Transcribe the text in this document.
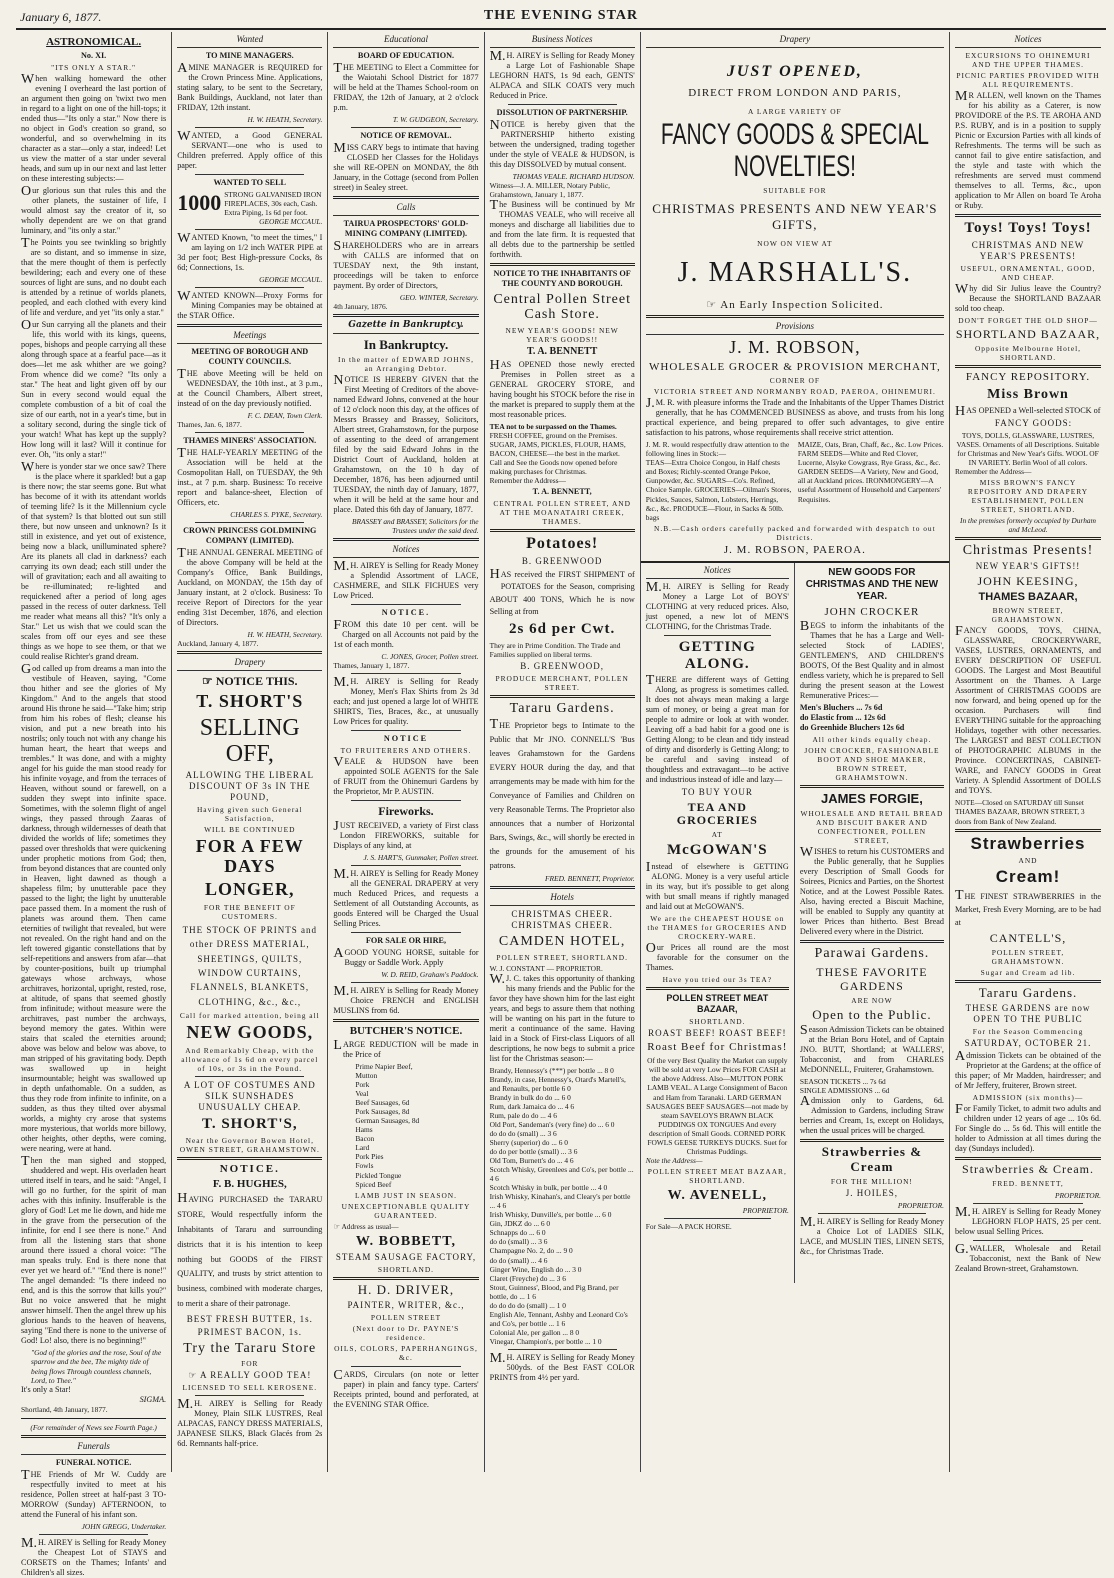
January 6, 1877.	THE EVENING STAR
ASTRONOMICAL.
No. XI.
"ITS ONLY A STAR."

When walking homeward the other evening I overheard the last portion of an argument then going on 'twixt two men in regard to a light on one of the hill-tops; it ended thus—"Its only a star." Now there is no object in God's creation so grand, so wonderful, and so overwhelming in its character as a star—only a star, indeed! Let us view the matter of a star under several heads, and sum up in our next and last letter on these interesting subjects:—

Our glorious sun that rules this and the other planets, the sustainer of life, I would almost say the creator of it, so wholly dependent are we on that grand luminary, and "its only a star."

The Points you see twinkling so brightly are so distant, and so immense in size, that the mere thought of them is perfectly bewildering; each and every one of these sources of light are suns, and no doubt each is attended by a retinue of worlds planets, peopled, and each clothed with every kind of life and verdure, and yet "its only a star."

Our Sun carrying all the planets and their life, this world with its kings, queens, popes, bishops and people carrying all these along through space at a fearful pace—as it does—let me ask whither are we going? From whence did we come? "Its only a star." The heat and light given off by our Sun in every second would equal the complete combustion of a bit of coal the size of our earth, not in a year's time, but in a solitary second, during the single tick of your watch! What has kept up the supply? How long will it last? Will it continue for ever. Oh, "its only a star!"

Where is yonder star we once saw? There is the place where it sparkled! but a gap is there now; the star seems gone. But what has become of it with its attendant worlds of teeming life? Is it the Millennium cycle of that system? Is that blotted out sun still there, but now unseen and unknown? Is it still in existence, and yet out of existence, being now a black, unilluminated sphere? Are its planets all clad in darkness? each carrying its own dead; each still under the will of gravitation; each and all awaiting to be re-illuminated; re-lighted and requickened after a period of long ages passed in the recess of outer darkness. Tell me reader what means all this? "It's only a Star." Let us wish that we could scan the scales from off our eyes and see these things as we hope to see them, or that we could realise Richter's grand dream.

God called up from dreams a man into the vestibule of Heaven, saying, "Come thou hither and see the glories of My Kingdom." And to the angels that stood around His throne he said—"Take him; strip from him his robes of flesh; cleanse his vision, and put a new breath into his nostrils; only touch not with any change his human heart, the heart that weeps and trembles." It was done, and with a mighty angel for his guide the man stood ready for his infinite voyage, and from the terraces of Heaven, without sound or farewell, on a sudden they swept into infinite space. Sometimes, with the solemn flight of angel wings, they passed through Zaaras of darkness, through wildernesses of death that divided the worlds of life; sometimes they passed over thresholds that were quickening under prophetic motions from God; then, from beyond distances that are counted only in Heaven, light dawned as though a shapeless film; by unutterable pace they passed to the light; the light by unutterable pace passed them. In a moment the rush of planets was around them. Then came eternities of twilight that revealed, but were not revealed. On the right hand and on the left towered gigantic constellations that by self-repetitions and answers from afar—that by counter-positions, built up triumphal gateways whose archways, whose architraves, horizontal, upright, rested, rose, at altitude, of spans that seemed ghostly from infinitude; without measure were the architraves, past number the archways, beyond memory the gates. Within were stairs that scaled the eternities around; above was below and below was above, to man stripped of his gravitating body. Depth was swallowed up in height insurmountable; height was swallowed up in depth unfathomable. On a sudden, as thus they rode from infinite to infinite, on a sudden, as thus they tilted over abysmal worlds, a mighty cry arose that systems more mysterious, that worlds more billowy, other heights, other depths, were coming, were nearing, were at hand.

Then the man sighed and stopped, shuddered and wept. His overladen heart uttered itself in tears, and he said: "Angel, I will go no further, for the spirit of man aches with this infinity. Insufferable is the glory of God! Let me lie down, and hide me in the grave from the persecution of the infinite, for end I see there is none." And from all the listening stars that shone around there issued a choral voice: "The man speaks truly. End is there none that ever yet we heard of." "End there is none!" The angel demanded: "Is there indeed no end, and is this the sorrow that kills you?" But no voice answered that he might answer himself. Then the angel threw up his glorious hands to the heaven of heavens, saying "End there is none to the universe of God! Lo! also, there is no beginning!"

"God of the glories and the rose, Soul of the sparrow and the bee, The mighty tide of being flows Through countless channels, Lord, to Thee."
It's only a Star!
SIGMA.
Shortland, 4th January, 1877.
(For remainder of News see Fourth Page.)
Funerals
FUNERAL NOTICE.

THE Friends of Mr W. Cuddy are respectfully invited to meet at his residence, Pollen street at half-past 3 TO-MORROW (Sunday) AFTERNOON, to attend the Funeral of his infant son.

JOHN GREGG, Undertaker.

M.H. AIREY is Selling for Ready Money the Cheapest Lot of STAYS and CORSETS on the Thames; Infants' and Children's all sizes.

Wanted
TO MINE MANAGERS.

AMINE MANAGER is REQUIRED for the Crown Princess Mine. Applications, stating salary, to be sent to the Secretary, Bank Buildings, Auckland, not later than FRIDAY, 12th instant.

H. W. HEATH, Secretary.

WANTED, a Good GENERAL SERVANT—one who is used to Children preferred. Apply office of this paper.

WANTED TO SELL
1000 STRONG GALVANISED IRON FIREPLACES, 30s each, Cash. Extra Piping, 1s 6d per foot.
GEORGE MCCAUL.

WANTED Known, "to meet the times," I am laying on 1/2 inch WATER PIPE at 3d per foot; Best High-pressure Cocks, 8s 6d; Connections, 1s.

GEORGE MCCAUL.

WANTED KNOWN—Proxy Forms for Mining Companies may be obtained at the STAR Office.

Meetings
MEETING OF BOROUGH AND COUNTY COUNCILS.

THE above Meeting will be held on WEDNESDAY, the 10th inst., at 3 p.m., at the Council Chambers, Albert street, instead of on the day previously notified.

F. C. DEAN, Town Clerk.
Thames, Jan. 6, 1877.
THAMES MINERS' ASSOCIATION.

THE HALF-YEARLY MEETING of the Association will be held at the Cosmopolitan Hall, on TUESDAY, the 9th inst., at 7 p.m. sharp. Business: To receive report and balance-sheet, Election of Officers, etc.

CHARLES S. PYKE, Secretary.
CROWN PRINCESS GOLDMINING COMPANY (LIMITED).

THE ANNUAL GENERAL MEETING of the above Company will be held at the Company's Office, Bank Buildings, Auckland, on MONDAY, the 15th day of January instant, at 2 o'clock. Business: To receive Report of Directors for the year ending 31st December, 1876, and election of Directors.

H. W. HEATH, Secretary.
Auckland, January 4, 1877.
Drapery
☞ NOTICE THIS.
T. SHORT'S
SELLING OFF,
ALLOWING THE LIBERAL DISCOUNT OF 3s IN THE POUND,
Having given such General Satisfaction,
WILL BE CONTINUED
FOR A FEW DAYS
LONGER,
FOR THE BENEFIT OF CUSTOMERS.
THE STOCK OF PRINTS and other DRESS MATERIAL, SHEETINGS, QUILTS, WINDOW CURTAINS, FLANNELS, BLANKETS, CLOTHING, &c., &c.,
Call for marked attention, being all
NEW GOODS,
And Remarkably Cheap, with the allowance of 1s 6d on every parcel of 10s, or 3s in the Pound.
A LOT OF COSTUMES AND SILK SUNSHADES UNUSUALLY CHEAP.
T. SHORT'S,
Near the Governor Bowen Hotel, OWEN STREET, GRAHAMSTOWN.
NOTICE.
F. B. HUGHES,

HAVING PURCHASED the TARARU STORE, Would respectfully inform the Inhabitants of Tararu and surrounding districts that it is his intention to keep nothing but GOODS of the FIRST QUALITY, and trusts by strict attention to business, combined with moderate charges, to merit a share of their patronage.

BEST FRESH BUTTER, 1s.
PRIMEST BACON, 1s.
Try the Tararu Store
FOR
☞ A REALLY GOOD TEA!
LICENSED TO SELL KEROSENE.

M.H. AIREY is Selling for Ready Money, Plain SILK LUSTRES, Real ALPACAS, FANCY DRESS MATERIALS, JAPANESE SILKS, Black Glacés from 2s 6d. Remnants half-price.

Educational
BOARD OF EDUCATION.

THE MEETING to Elect a Committee for the Waiotahi School District for 1877 will be held at the Thames School-room on FRIDAY, the 12th of January, at 2 o'clock p.m.

T. W. GUDGEON, Secretary.
NOTICE OF REMOVAL.

MISS CARY begs to intimate that having CLOSED her Classes for the Holidays she will RE-OPEN on MONDAY, the 8th January, in the Cottage (second from Pollen street) in Sealey street.

Calls
TAIRUA PROSPECTORS' GOLD-MINING COMPANY (LIMITED).

SHAREHOLDERS who are in arrears with CALLS are informed that on TUESDAY next, the 9th instant, proceedings will be taken to enforce payment. By order of Directors,

GEO. WINTER, Secretary.
4th January, 1876.
Gazette in Bankruptcy.
In Bankruptcy.
In the matter of EDWARD JOHNS, an Arranging Debtor.

NOTICE IS HEREBY GIVEN that the First Meeting of Creditors of the above-named Edward Johns, convened at the hour of 12 o'clock noon this day, at the offices of Messrs Brassey and Brassey, Solicitors, Albert street, Grahamstown, for the purpose of assenting to the deed of arrangement filed by the said Edward Johns in the District Court of Auckland, holden at Grahamstown, on the 10 h day of December, 1876, has been adjourned until TUESDAY, the ninth day of January, 1877, when it will be held at the same hour and place. Dated this 6th day of January, 1877.

BRASSEY and BRASSEY, Solicitors for the Trustees under the said deed.
Notices

M.H. AIREY is Selling for Ready Money a Splendid Assortment of LACE, CASHMERE, and SILK FICHUES very Low Priced.

NOTICE.

FROM this date 10 per cent. will be Charged on all Accounts not paid by the 1st of each month.

C. JONES, Grocer, Pollen street.
Thames, January 1, 1877.

M.H. AIREY is Selling for Ready Money, Men's Flax Shirts from 2s 3d each; and just opened a large lot of WHITE SHIRTS, Ties, Braces, &c., at unusually Low Prices for quality.

NOTICE
TO FRUITERERS AND OTHERS.

VEALE & HUDSON have been appointed SOLE AGENTS for the Sale of FRUIT from the Ohinemuri Gardens by the Proprietor, Mr P. AUSTIN.

Fireworks.

JUST RECEIVED, a variety of First class London FIREWORKS, suitable for Displays of any kind, at

J. S. HART'S, Gunmaker, Pollen street.

M.H. AIREY is Selling for Ready Money all the GENERAL DRAPERY at very much Reduced Prices, and requests a Settlement of all Outstanding Accounts, as goods Entered will be Charged the Usual Selling Prices.

FOR SALE OR HIRE,

AGOOD YOUNG HORSE, suitable for Buggy or Saddle Work. Apply

W. D. REID, Graham's Paddock.

M.H. AIREY is Selling for Ready Money Choice FRENCH and ENGLISH MUSLINS from 6d.

BUTCHER'S NOTICE.

LARGE REDUCTION will be made in the Price of

Prime Napier Beef,
Mutton
Pork
Veal
Beef Sausages, 6d
Pork Sausages, 8d
German Sausages, 8d
Hams
Bacon
Lard
Pork Pies
Fowls
Pickled Tongue
Spiced Beef
LAMB JUST IN SEASON.
UNEXCEPTIONABLE QUALITY GUARANTEED.
☞ Address as usual—
W. BOBBETT,
STEAM SAUSAGE FACTORY,
SHORTLAND.
H. D. DRIVER,
PAINTER, WRITER, &c.,
POLLEN STREET
(Next door to Dr. PAYNE'S residence.
OILS, COLORS, PAPERHANGINGS, &c.

CARDS, Circulars (on note or letter paper) in plain and fancy type. Carters' Receipts printed, bound and perforated, at the EVENING STAR Office.

Business Notices

M.H. AIREY is Selling for Ready Money a Large Lot of Fashionable Shape LEGHORN HATS, 1s 9d each, GENTS' ALPACA and SILK COATS very much Reduced in Price.

DISSOLUTION OF PARTNERSHIP.

NOTICE is hereby given that the PARTNERSHIP hitherto existing between the undersigned, trading together under the style of VEALE & HUDSON, is this day DISSOLVED by mutual consent.

THOMAS VEALE. RICHARD HUDSON.
Witness—J. A. MILLER, Notary Public, Grahamstown, January 1, 1877.

The Business will be continued by Mr THOMAS VEALE, who will receive all moneys and discharge all liabilities due to and from the late firm. It is requested that all debts due to the partnership be settled forthwith.

NOTICE TO THE INHABITANTS OF THE COUNTY AND BOROUGH.
Central Pollen Street Cash Store.
NEW YEAR'S GOODS! NEW YEAR'S GOODS!!
T. A. BENNETT

HAS OPENED those newly erected Premises in Pollen street as a GENERAL GROCERY STORE, and having bought his STOCK before the rise in the market is prepared to supply them at the most reasonable prices.

TEA not to be surpassed on the Thames.
FRESH COFFEE, ground on the Premises.
SUGAR, JAMS, PICKLES, FLOUR, HAMS, BACON, CHEESE—the best in the market.
Call and See the Goods now opened before making purchases for Christmas.
Remember the Address—
T. A. BENNETT,
CENTRAL POLLEN STREET, AND AT THE MOANATAIRI CREEK, THAMES.
Potatoes!
B. GREENWOOD

HAS received the FIRST SHIPMENT of POTATOES for the Season, comprising ABOUT 400 TONS, Which he is now Selling at from

2s 6d per Cwt.
They are in Prime Condition. The Trade and Families supplied on liberal terms.
B. GREENWOOD,
PRODUCE MERCHANT, POLLEN STREET.
Tararu Gardens.

THE Proprietor begs to Intimate to the Public that Mr JNO. CONNELL'S 'Bus leaves Grahamstown for the Gardens EVERY HOUR during the day, and that arrangements may be made with him for the Conveyance of Families and Children on very Reasonable Terms. The Proprietor also announces that a number of Horizontal Bars, Swings, &c., will shortly be erected in the grounds for the amusement of his patrons.

FRED. BENNETT, Proprietor.
Hotels
CHRISTMAS CHEER. CHRISTMAS CHEER.
CAMDEN HOTEL,
POLLEN STREET, SHORTLAND.
W. J. CONSTANT — PROPRIETOR.

W.J. C. takes this opportunity of thanking his many friends and the Public for the favor they have shown him for the last eight years, and begs to assure them that nothing will be wanting on his part in the future to merit a continuance of the same. Having laid in a Stock of First-class Liquors of all descriptions, he now begs to submit a price list for the Christmas season:—

Brandy, Hennessy's (***) per bottle ... 8 0
Brandy, in case, Hennessy's, Otard's Martell's, and Renaults, per bottle 6 0
Brandy in bulk do do ... 6 0
Rum, dark Jamaica do ... 4 6
Rum, pale do do ... 4 6
Old Port, Sandeman's (very fine) do ... 6 0
do do do (small) ... 3 6
Sherry (superior) do ... 6 0
do do per bottle (small) ... 3 6
Old Tom, Burnett's do ... 4 6
Scotch Whisky, Greenlees and Co's, per bottle ... 4 6
Scotch Whisky in bulk, per bottle ... 4 0
Irish Whisky, Kinahan's, and Cleary's per bottle ... 4 6
Irish Whisky, Dunville's, per bottle ... 6 0
Gin, JDKZ do ... 6 0
Schnapps do ... 6 0
do do (small) ... 3 6
Champagne No. 2, do ... 9 0
do do (small) ... 4 6
Ginger Wine, English do ... 3 0
Claret (Freyche) do ... 3 6
Stout, Guinness', Blood, and Pig Brand, per bottle, do ... 1 6
do do do do (small) ... 1 0
English Ale, Tennant, Ashby and Leonard Co's and Co's, per bottle ... 1 6
Colonial Ale, per gallon ... 8 0
Vinegar, Champion's, per bottle ... 1 0

M.H. AIREY is Selling for Ready Money 500yds. of the Best FAST COLOR PRINTS from 4½ per yard.

Drapery
JUST OPENED,
DIRECT FROM LONDON AND PARIS,
A LARGE VARIETY OF
FANCY GOODS & SPECIAL NOVELTIES!
SUITABLE FOR
CHRISTMAS PRESENTS AND NEW YEAR'S GIFTS,
NOW ON VIEW AT
J. MARSHALL'S.
☞ An Early Inspection Solicited.
Provisions
J. M. ROBSON,
WHOLESALE GROCER & PROVISION MERCHANT,
CORNER OF
VICTORIA STREET AND NORMANBY ROAD, PAEROA, OHINEMURI.

J.M. R. with pleasure informs the Trade and the Inhabitants of the Upper Thames District generally, that he has COMMENCED BUSINESS as above, and trusts from his long practical experience, and being prepared to offer such advantages, to give entire satisfaction to his patrons, whose requirements shall receive strict attention.

J. M. R. would respectfully draw attention to the following lines in Stock:—
TEAS—Extra Choice Congou, in Half chests and Boxes; Richly-scented Orange Pekoe, Gunpowder, &c. SUGARS—Co's. Refined, Choice Sample. GROCERIES—Oilman's Stores, Pickles, Sauces, Salmon, Lobsters, Herrings, &c., &c. PRODUCE—Flour, in Sacks & 50lb. bags
MAIZE, Oats, Bran, Chaff, &c., &c. Low Prices. FARM SEEDS—White and Red Clover, Lucerne, Alsyke Cowgrass, Rye Grass, &c., &c. GARDEN SEEDS—A Variety, New and Good, all at Auckland prices. IRONMONGERY—A useful Assortment of Household and Carpenters' Requisites.
N.B.—Cash orders carefully packed and forwarded with despatch to out Districts.
J. M. ROBSON, PAEROA.
Notices

M.H. AIREY is Selling for Ready Money a Large Lot of BOYS' CLOTHING at very reduced prices. Also, just opened, a new lot of MEN'S CLOTHING, for the Christmas Trade.

GETTING ALONG.

THERE are different ways of Getting Along, as progress is sometimes called. It does not always mean making a large sum of money, or being a great man for people to admire or look at with wonder. Leaving off a bad habit for a good one is Getting Along; to be clean and tidy instead of dirty and disorderly is Getting Along; to be careful and saving instead of thoughtless and extravagant—to be active and industrious instead of idle and lazy—

TO BUY YOUR
TEA AND GROCERIES
AT
McGOWAN'S

Instead of elsewhere is GETTING ALONG. Money is a very useful article in its way, but it's possible to get along with but small means if rightly managed and laid out at McGOWAN'S.

We are the CHEAPEST HOUSE on the THAMES for GROCERIES AND CROCKERY-WARE.

Our Prices all round are the most favorable for the consumer on the Thames.

Have you tried our 3s TEA?
POLLEN STREET MEAT BAZAAR,
SHORTLAND.
ROAST BEEF! ROAST BEEF!
Roast Beef for Christmas!
Of the very Best Quality the Market can supply will be sold at very Low Prices FOR CASH at the above Address. Also—MUTTON PORK LAMB VEAL. A Large Consignment of Bacon and Ham from Taranaki. LARD GERMAN SAUSAGES BEEF SAUSAGES—not made by steam SAVELOYS BRAWN BLACK PUDDINGS OX TONGUES And every description of Small Goods. CORNED PORK FOWLS GEESE TURKEYS DUCKS. Suet for Christmas Puddings.
Note the Address—
POLLEN STREET MEAT BAZAAR, SHORTLAND.
W. AVENELL,
PROPRIETOR.
For Sale—A PACK HORSE.
NEW GOODS FOR CHRISTMAS AND THE NEW YEAR.
JOHN CROCKER

BEGS to inform the inhabitants of the Thames that he has a Large and Well-selected Stock of LADIES', GENTLEMEN'S, AND CHILDREN'S BOOTS, Of the Best Quality and in almost endless variety, which he is prepared to Sell during the present season at the Lowest Remunerative Prices:—

Men's Bluchers ... 7s 6d
do Elastic from ... 12s 6d
do Greenhide Bluchers 12s 6d
All other kinds equally cheap.
JOHN CROCKER, FASHIONABLE BOOT AND SHOE MAKER, BROWN STREET, GRAHAMSTOWN.
JAMES FORGIE,
WHOLESALE AND RETAIL BREAD AND BISCUIT BAKER AND CONFECTIONER, POLLEN STREET,

WISHES to return his CUSTOMERS and the Public generally, that he Supplies every Description of Small Goods for Soirees, Picnics and Parties, on the Shortest Notice, and at the Lowest Possible Rates. Also, having erected a Biscuit Machine, will be enabled to Supply any quantity at lower Prices than hitherto. Best Bread Delivered every where in the District.

Parawai Gardens.
THESE FAVORITE GARDENS
ARE NOW
Open to the Public.

Season Admission Tickets can be obtained at the Brian Boru Hotel, and of Captain JNO. BUTT, Shortland; at WALLERS', Tobacconist, and from CHARLES McDONNELL, Fruiterer, Grahamstown.

SEASON TICKETS ... 7s 6d
SINGLE ADMISSIONS ... 6d

Admission only to Gardens, 6d. Admission to Gardens, including Straw berries and Cream, 1s, except on Holidays, when the usual prices will be charged.

Strawberries & Cream
FOR THE MILLION!
J. HOILES,
PROPRIETOR.

M.H. AIREY is Selling for Ready Money a Choice Lot of LADIES SILK, LACE, and MUSLIN TIES, LINEN SETS, &c., for Christmas Trade.

Notices
EXCURSIONS TO OHINEMURI AND THE UPPER THAMES.
PICNIC PARTIES PROVIDED WITH ALL REQUIREMENTS.

MR ALLEN, well known on the Thames for his ability as a Caterer, is now PROVIDORE of the P.S. TE AROHA AND P.S. RUBY, and is in a position to supply Picnic or Excursion Parties with all kinds of Refreshments. The terms will be such as cannot fail to give entire satisfaction, and the style and taste with which the refreshments are served must commend themselves to all. Terms, &c., upon application to Mr Allen on board Te Aroha or Ruby.

Toys! Toys! Toys!
CHRISTMAS AND NEW YEAR'S PRESENTS!
USEFUL, ORNAMENTAL, GOOD, AND CHEAP.

Why did Sir Julius leave the Country? Because the SHORTLAND BAZAAR sold too cheap.

DON'T FORGET THE OLD SHOP—
SHORTLAND BAZAAR,
Opposite Melbourne Hotel, SHORTLAND.
FANCY REPOSITORY.
Miss Brown

HAS OPENED a Well-selected STOCK of

FANCY GOODS:
TOYS, DOLLS, GLASSWARE, LUSTRES, VASES. Ornaments of all Descriptions. Suitable for Christmas and New Year's Gifts. WOOL OF IN VARIETY. Berlin Wool of all colors.
Remember the Address—
MISS BROWN'S FANCY REPOSITORY AND DRAPERY ESTABLISHMENT, POLLEN STREET, SHORTLAND.
In the premises formerly occupied by Durham and McLeod.
Christmas Presents!
NEW YEAR'S GIFTS!!
JOHN KEESING,
THAMES BAZAAR,
BROWN STREET, GRAHAMSTOWN.

FANCY GOODS, TOYS, CHINA, GLASSWARE, CROCKERYWARE, VASES, LUSTRES, ORNAMENTS, and EVERY DESCRIPTION OF USEFUL GOODS. The Largest and Most Beautiful Assortment on the Thames. A Large Assortment of CHRISTMAS GOODS are now forward, and being opened up for the occasion. Purchasers will find EVERYTHING suitable for the approaching Holidays, together with other necessaries. The LARGEST and BEST COLLECTION of PHOTOGRAPHIC ALBUMS in the Province. CONCERTINAS, CABINET-WARE, and FANCY GOODS in Great Variety. A Splendid Assortment of DOLLS and TOYS.

NOTE—Closed on SATURDAY till Sunset THAMES BAZAAR, BROWN STREET, 3 doors from Bank of New Zealand.
Strawberries
AND
Cream!

THE FINEST STRAWBERRIES in the Market, Fresh Every Morning, are to be had at

CANTELL'S,
POLLEN STREET, GRAHAMSTOWN.
Sugar and Cream ad lib.
Tararu Gardens.
THESE GARDENS are now OPEN TO THE PUBLIC
For the Season Commencing
SATURDAY, OCTOBER 21.

Admission Tickets can be obtained of the Proprietor at the Gardens; at the office of this paper; of Mr Madden, hairdresser; and of Mr Jeffery, fruiterer, Brown street.

ADMISSION (six months)—

For Family Ticket, to admit two adults and children under 12 years of age ... 10s 6d. For Single do ... 5s 6d. This will entitle the holder to Admission at all times during the day (Sundays included).

Strawberries & Cream.
FRED. BENNETT,
PROPRIETOR.

M.H. AIREY is Selling for Ready Money LEGHORN FLOP HATS, 25 per cent. below usual Selling Prices.

G.WALLER, Wholesale and Retail Tobacconist, next the Bank of New Zealand Brown-street, Grahamstown.
